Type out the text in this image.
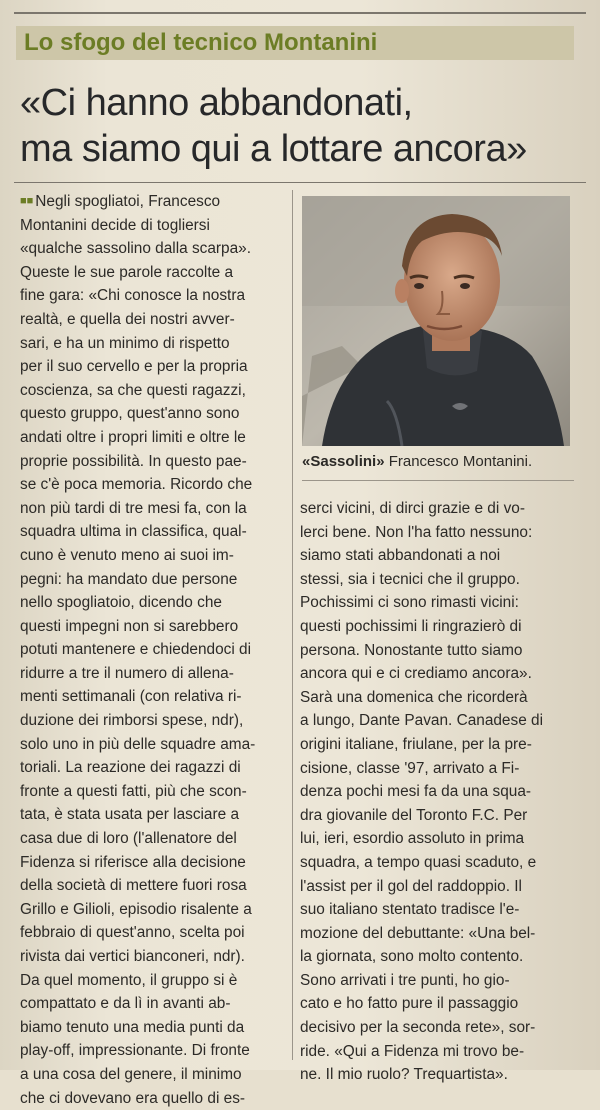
Lo sfogo del tecnico Montanini
«Ci hanno abbandonati,
ma siamo qui a lottare ancora»
■■ Negli spogliatoi, Francesco
Montanini decide di togliersi
«qualche sassolino dalla scarpa».
Queste le sue parole raccolte a
fine gara: «Chi conosce la nostra
realtà, e quella dei nostri avver-
sari, e ha un minimo di rispetto
per il suo cervello e per la propria
coscienza, sa che questi ragazzi,
questo gruppo, quest'anno sono
andati oltre i propri limiti e oltre le
proprie possibilità. In questo pae-
se c'è poca memoria. Ricordo che
non più tardi di tre mesi fa, con la
squadra ultima in classifica, qual-
cuno è venuto meno ai suoi im-
pegni: ha mandato due persone
nello spogliatoio, dicendo che
questi impegni non si sarebbero
potuti mantenere e chiedendoci di
ridurre a tre il numero di allena-
menti settimanali (con relativa ri-
duzione dei rimborsi spese, ndr),
solo uno in più delle squadre ama-
toriali. La reazione dei ragazzi di
fronte a questi fatti, più che scon-
tata, è stata usata per lasciare a
casa due di loro (l'allenatore del
Fidenza si riferisce alla decisione
della società di mettere fuori rosa
Grillo e Gilioli, episodio risalente a
febbraio di quest'anno, scelta poi
rivista dai vertici bianconeri, ndr).
Da quel momento, il gruppo si è
compattato e da lì in avanti ab-
biamo tenuto una media punti da
play-off, impressionante. Di fronte
a una cosa del genere, il minimo
che ci dovevano era quello di es-
«Sassolini» Francesco Montanini.
serci vicini, di dirci grazie e di vo-
lerci bene. Non l'ha fatto nessuno:
siamo stati abbandonati a noi
stessi, sia i tecnici che il gruppo.
Pochissimi ci sono rimasti vicini:
questi pochissimi li ringrazierò di
persona. Nonostante tutto siamo
ancora qui e ci crediamo ancora».
Sarà una domenica che ricorderà
a lungo, Dante Pavan. Canadese di
origini italiane, friulane, per la pre-
cisione, classe '97, arrivato a Fi-
denza pochi mesi fa da una squa-
dra giovanile del Toronto F.C. Per
lui, ieri, esordio assoluto in prima
squadra, a tempo quasi scaduto, e
l'assist per il gol del raddoppio. Il
suo italiano stentato tradisce l'e-
mozione del debuttante: «Una bel-
la giornata, sono molto contento.
Sono arrivati i tre punti, ho gio-
cato e ho fatto pure il passaggio
decisivo per la seconda rete», sor-
ride. «Qui a Fidenza mi trovo be-
ne. Il mio ruolo? Trequartista».
